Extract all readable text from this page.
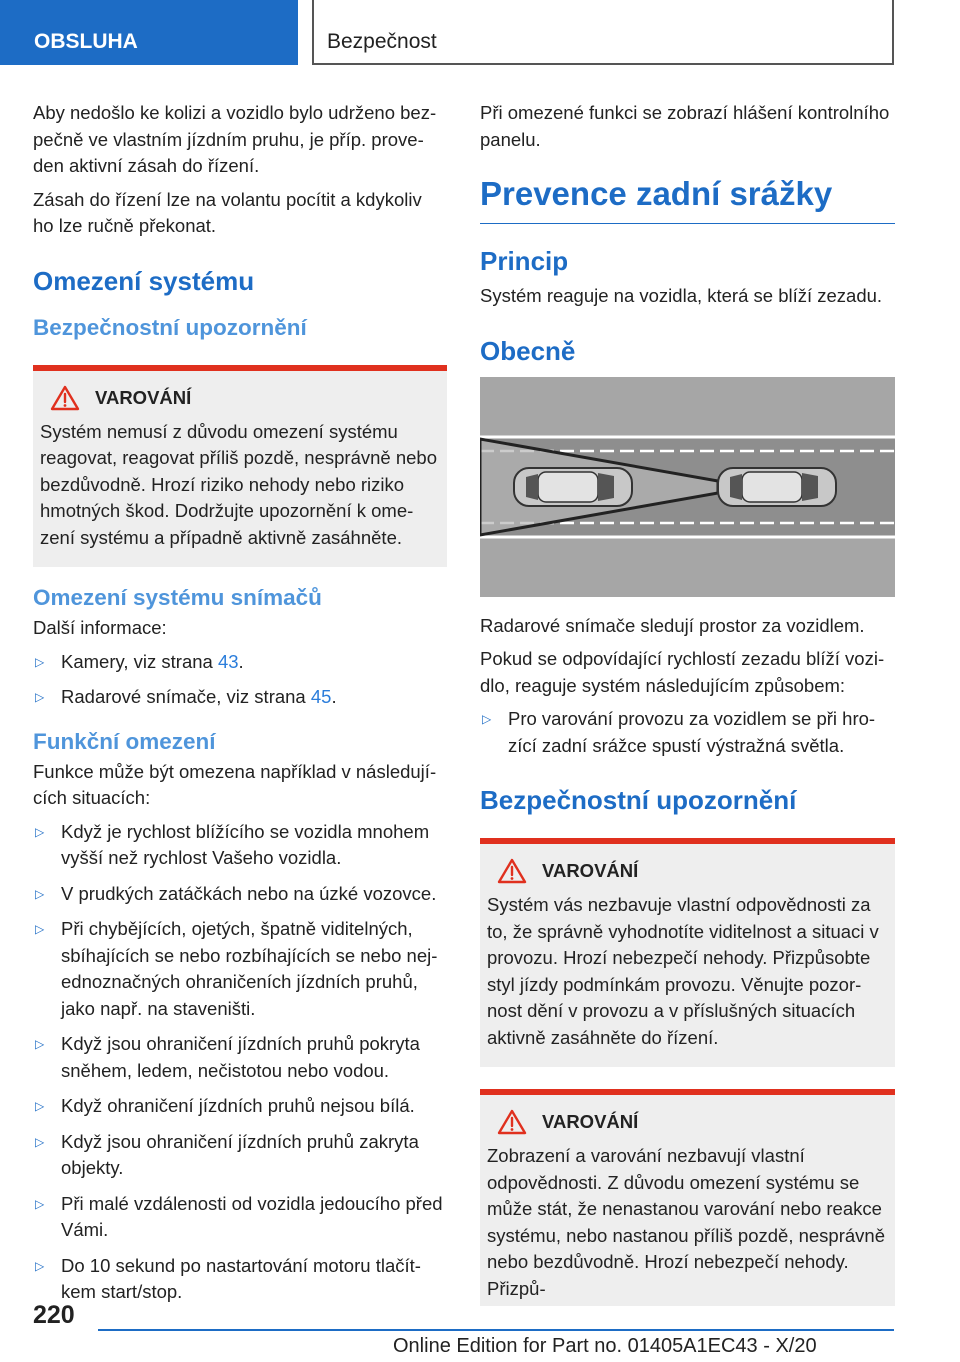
OBSLUHA	Bezpečnost

Aby nedošlo ke kolizi a vozidlo bylo udrženo bezpečně ve vlastním jízdním pruhu, je příp. proveden aktivní zásah do řízení.

Zásah do řízení lze na volantu pocítit a kdykoliv ho lze ručně překonat.

Omezení systému
Bezpečnostní upozornění
VAROVÁNÍ

Systém nemusí z důvodu omezení systému reagovat, reagovat příliš pozdě, nesprávně nebo bezdůvodně. Hrozí riziko nehody nebo riziko hmotných škod. Dodržujte upozornění k omezení systému a případně aktivně zasáhněte.

Omezení systému snímačů

Další informace:

▷ Kamery, viz strana 43.
▷ Radarové snímače, viz strana 45.
Funkční omezení

Funkce může být omezena například v následujících situacích:

▷ Když je rychlost blížícího se vozidla mnohem vyšší než rychlost Vašeho vozidla.
▷ V prudkých zatáčkách nebo na úzké vozovce.
▷ Při chybějících, ojetých, špatně viditelných, sbíhajících se nebo rozbíhajících se nebo nejednoznačných ohraničeních jízdních pruhů, jako např. na staveništi.
▷ Když jsou ohraničení jízdních pruhů pokryta sněhem, ledem, nečistotou nebo vodou.
▷ Když ohraničení jízdních pruhů nejsou bílá.
▷ Když jsou ohraničení jízdních pruhů zakryta objekty.
▷ Při malé vzdálenosti od vozidla jedoucího před Vámi.
▷ Do 10 sekund po nastartování motoru tlačítkem start/stop.

Při omezené funkci se zobrazí hlášení kontrolního panelu.

Prevence zadní srážky
Princip

Systém reaguje na vozidla, která se blíží zezadu.

Obecně

Radarové snímače sledují prostor za vozidlem.

Pokud se odpovídající rychlostí zezadu blíží vozidlo, reaguje systém následujícím způsobem:

▷ Pro varování provozu za vozidlem se při hrozící zadní srážce spustí výstražná světla.
Bezpečnostní upozornění
VAROVÁNÍ

Systém vás nezbavuje vlastní odpovědnosti za to, že správně vyhodnotíte viditelnost a situaci v provozu. Hrozí nebezpečí nehody. Přizpůsobte styl jízdy podmínkám provozu. Věnujte pozornost dění v provozu a v příslušných situacích aktivně zasáhněte do řízení.

VAROVÁNÍ

Zobrazení a varování nezbavují vlastní odpovědnosti. Z důvodu omezení systému se může stát, že nenastanou varování nebo reakce systému, nebo nastanou příliš pozdě, nesprávně nebo bezdůvodně. Hrozí nebezpečí nehody. Přizpů-

220
Online Edition for Part no. 01405A1EC43 - X/20
